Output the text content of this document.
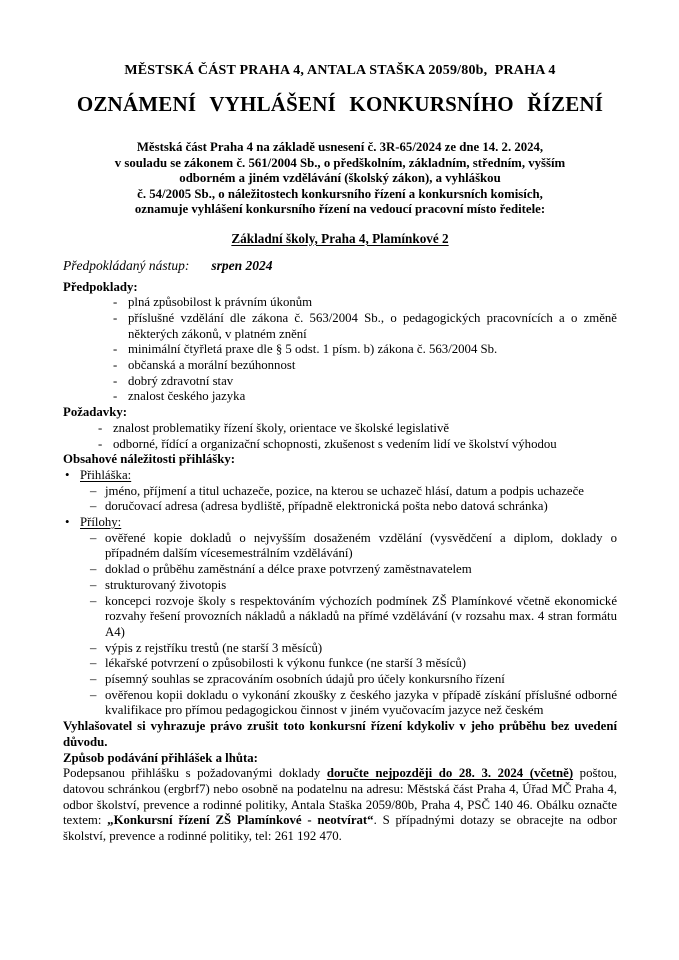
MĚSTSKÁ ČÁST PRAHA 4, ANTALA STAŠKA 2059/80b,  PRAHA 4
OZNÁMENÍ VYHLÁŠENÍ KONKURSNÍHO ŘÍZENÍ
Městská část Praha 4 na základě usnesení č. 3R-65/2024 ze dne 14. 2. 2024,
v souladu se zákonem č. 561/2004 Sb., o předškolním, základním, středním, vyšším
odborném a jiném vzdělávání (školský zákon), a vyhláškou
č. 54/2005 Sb., o náležitostech konkursního řízení a konkursních komisích,
oznamuje vyhlášení konkursního řízení na vedoucí pracovní místo ředitele:
Základní školy, Praha 4, Plamínkové 2
Předpokládaný nástup: srpen 2024
Předpoklady:
- plná způsobilost k právním úkonům
- příslušné vzdělání dle zákona č. 563/2004 Sb., o pedagogických pracovnících a o změně některých zákonů, v platném znění
- minimální čtyřletá praxe dle § 5 odst. 1 písm. b) zákona č. 563/2004 Sb.
- občanská a morální bezúhonnost
- dobrý zdravotní stav
- znalost českého jazyka
Požadavky:
- znalost problematiky řízení školy, orientace ve školské legislativě
- odborné, řídící a organizační schopnosti, zkušenost s vedením lidí ve školství výhodou
Obsahové náležitosti přihlášky:
• Přihláška:
– jméno, příjmení a titul uchazeče, pozice, na kterou se uchazeč hlásí, datum a podpis uchazeče
– doručovací adresa (adresa bydliště, případně elektronická pošta nebo datová schránka)
• Přílohy:
– ověřené kopie dokladů o nejvyšším dosaženém vzdělání (vysvědčení a diplom, doklady o případném dalším vícesemestrálním vzdělávání)
– doklad o průběhu zaměstnání a délce praxe potvrzený zaměstnavatelem
– strukturovaný životopis
– koncepci rozvoje školy s respektováním výchozích podmínek ZŠ Plamínkové včetně ekonomické rozvahy řešení provozních nákladů a nákladů na přímé vzdělávání (v rozsahu max. 4 stran formátu A4)
– výpis z rejstříku trestů (ne starší 3 měsíců)
– lékařské potvrzení o způsobilosti k výkonu funkce (ne starší 3 měsíců)
– písemný souhlas se zpracováním osobních údajů pro účely konkursního řízení
– ověřenou kopii dokladu o vykonání zkoušky z českého jazyka v případě získání příslušné odborné kvalifikace pro přímou pedagogickou činnost v jiném vyučovacím jazyce než českém

Vyhlašovatel si vyhrazuje právo zrušit toto konkursní řízení kdykoliv v jeho průběhu bez uvedení důvodu.

Způsob podávání přihlášek a lhůta:

Podepsanou přihlášku s požadovanými doklady doručte nejpozději do 28. 3. 2024 (včetně) poštou, datovou schránkou (ergbrf7) nebo osobně na podatelnu na adresu: Městská část Praha 4, Úřad MČ Praha 4, odbor školství, prevence a rodinné politiky, Antala Staška 2059/80b, Praha 4, PSČ 140 46. Obálku označte textem: „Konkursní řízení ZŠ Plamínkové - neotvírat“. S případnými dotazy se obracejte na odbor školství, prevence a rodinné politiky, tel: 261 192 470.
